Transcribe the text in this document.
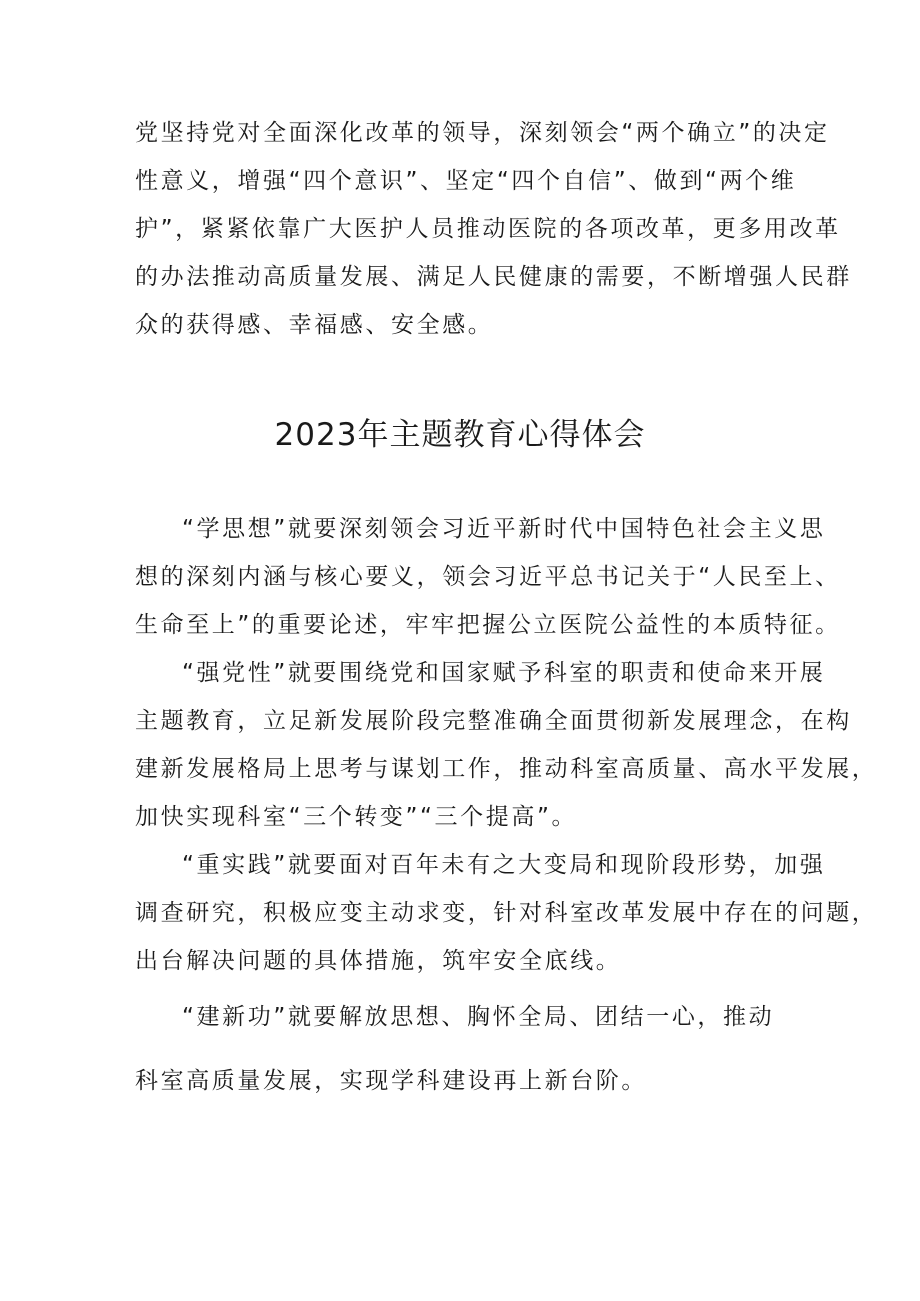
党坚持党对全面深化改革的领导，深刻领会“两个确立”的决定
性意义，增强“四个意识”、坚定“四个自信”、做到“两个维
护”，紧紧依靠广大医护人员推动医院的各项改革，更多用改革
的办法推动高质量发展、满足人民健康的需要，不断增强人民群
众的获得感、幸福感、安全感。
2023年主题教育心得体会
“学思想”就要深刻领会习近平新时代中国特色社会主义思
想的深刻内涵与核心要义，领会习近平总书记关于“人民至上、
生命至上”的重要论述，牢牢把握公立医院公益性的本质特征。
“强党性”就要围绕党和国家赋予科室的职责和使命来开展
主题教育，立足新发展阶段完整准确全面贯彻新发展理念，在构
建新发展格局上思考与谋划工作，推动科室高质量、高水平发展，
加快实现科室“三个转变”“三个提高”。
“重实践”就要面对百年未有之大变局和现阶段形势，加强
调查研究，积极应变主动求变，针对科室改革发展中存在的问题，
出台解决问题的具体措施，筑牢安全底线。
“建新功”就要解放思想、胸怀全局、团结一心，推动
科室高质量发展，实现学科建设再上新台阶。
